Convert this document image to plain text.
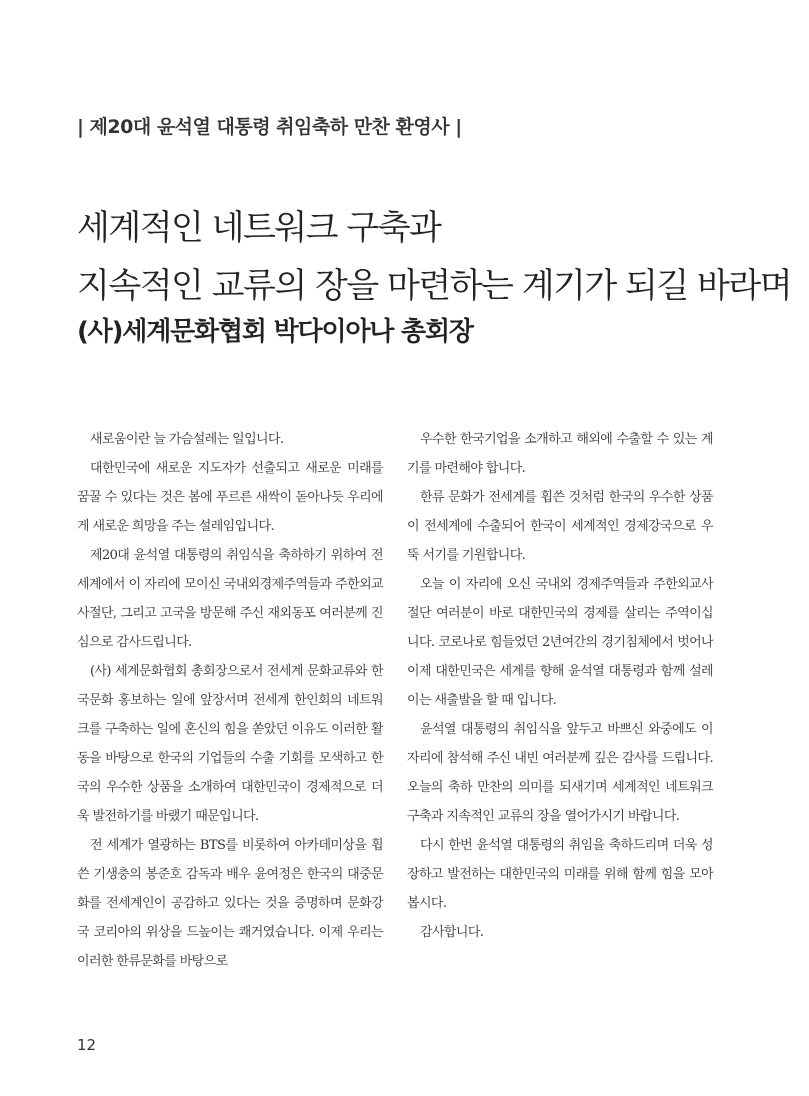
| 제20대 윤석열 대통령 취임축하 만찬 환영사 |
세계적인 네트워크 구축과
지속적인 교류의 장을 마련하는 계기가 되길 바라며
(사)세계문화협회 박다이아나 총회장

새로움이란 늘 가슴설레는 일입니다.

대한민국에 새로운 지도자가 선출되고 새로운 미래를 꿈꿀 수 있다는 것은 봄에 푸르른 새싹이 돋아나듯 우리에게 새로운 희망을 주는 설레임입니다.

제20대 윤석열 대통령의 취임식을 축하하기 위하여 전세계에서 이 자리에 모이신 국내외경제주역들과 주한외교사절단, 그리고 고국을 방문해 주신 재외동포 여러분께 진심으로 감사드립니다.

(사) 세계문화협회 총회장으로서 전세계 문화교류와 한국문화 홍보하는 일에 앞장서며 전세계 한인회의 네트워크를 구축하는 일에 혼신의 힘을 쏟았던 이유도 이러한 활동을 바탕으로 한국의 기업들의 수출 기회를 모색하고 한국의 우수한 상품을 소개하여 대한민국이 경제적으로 더욱 발전하기를 바랬기 때문입니다.

전 세계가 열광하는 BTS를 비롯하여 아카데미상을 휩쓴 기생충의 봉준호 감독과 배우 윤여정은 한국의 대중문화를 전세계인이 공감하고 있다는 것을 증명하며 문화강국 코리아의 위상을 드높이는 쾌거였습니다. 이제 우리는 이러한 한류문화를 바탕으로

우수한 한국기업을 소개하고 해외에 수출할 수 있는 계기를 마련해야 합니다.

한류 문화가 전세계를 휩쓴 것처럼 한국의 우수한 상품이 전세계에 수출되어 한국이 세계적인 경제강국으로 우뚝 서기를 기원합니다.

오늘 이 자리에 오신 국내외 경제주역들과 주한외교사절단 여러분이 바로 대한민국의 경제를 살리는 주역이십니다. 코로나로 힘들었던 2년여간의 경기침체에서 벗어나 이제 대한민국은 세계를 향해 윤석열 대통령과 함께 설레이는 새출발을 할 때 입니다.

윤석열 대통령의 취임식을 앞두고 바쁘신 와중에도 이 자리에 참석해 주신 내빈 여러분께 깊은 감사를 드립니다. 오늘의 축하 만찬의 의미를 되새기며 세계적인 네트워크 구축과 지속적인 교류의 장을 열어가시기 바랍니다.

다시 한번 윤석열 대통령의 취임을 축하드리며 더욱 성장하고 발전하는 대한민국의 미래를 위해 함께 힘을 모아봅시다.

감사합니다.

12
